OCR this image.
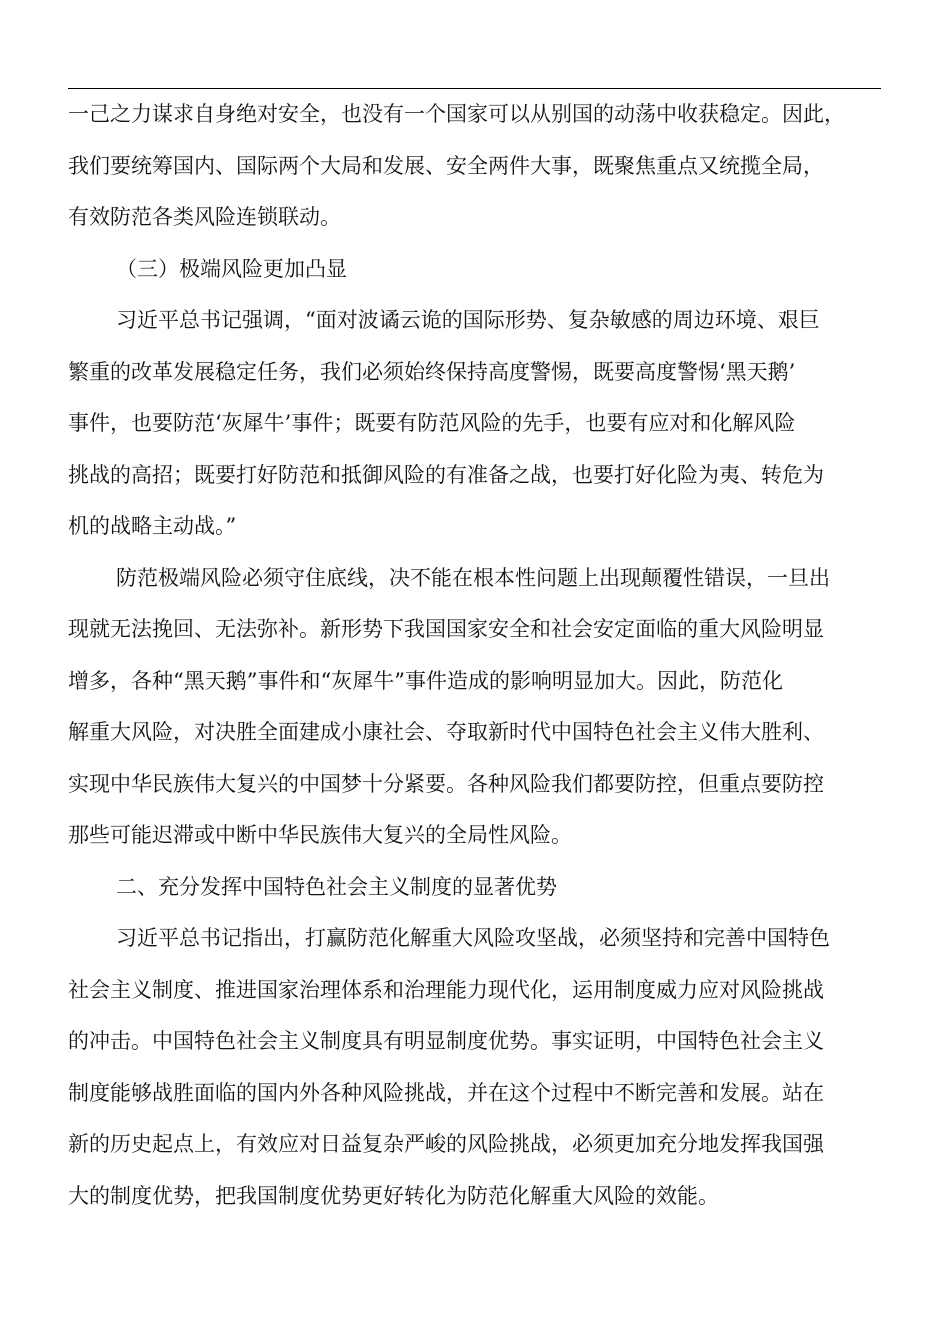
一己之力谋求自身绝对安全，也没有一个国家可以从别国的动荡中收获稳定。因此，
我们要统筹国内、国际两个大局和发展、安全两件大事，既聚焦重点又统揽全局，
有效防范各类风险连锁联动。
（三）极端风险更加凸显
习近平总书记强调，“面对波谲云诡的国际形势、复杂敏感的周边环境、艰巨
繁重的改革发展稳定任务，我们必须始终保持高度警惕，既要高度警惕‘黑天鹅’
事件，也要防范‘灰犀牛’事件；既要有防范风险的先手，也要有应对和化解风险
挑战的高招；既要打好防范和抵御风险的有准备之战，也要打好化险为夷、转危为
机的战略主动战。”
防范极端风险必须守住底线，决不能在根本性问题上出现颠覆性错误，一旦出
现就无法挽回、无法弥补。新形势下我国国家安全和社会安定面临的重大风险明显
增多，各种“黑天鹅”事件和“灰犀牛”事件造成的影响明显加大。因此，防范化
解重大风险，对决胜全面建成小康社会、夺取新时代中国特色社会主义伟大胜利、
实现中华民族伟大复兴的中国梦十分紧要。各种风险我们都要防控，但重点要防控
那些可能迟滞或中断中华民族伟大复兴的全局性风险。
二、充分发挥中国特色社会主义制度的显著优势
习近平总书记指出，打赢防范化解重大风险攻坚战，必须坚持和完善中国特色
社会主义制度、推进国家治理体系和治理能力现代化，运用制度威力应对风险挑战
的冲击。中国特色社会主义制度具有明显制度优势。事实证明，中国特色社会主义
制度能够战胜面临的国内外各种风险挑战，并在这个过程中不断完善和发展。站在
新的历史起点上，有效应对日益复杂严峻的风险挑战，必须更加充分地发挥我国强
大的制度优势，把我国制度优势更好转化为防范化解重大风险的效能。
